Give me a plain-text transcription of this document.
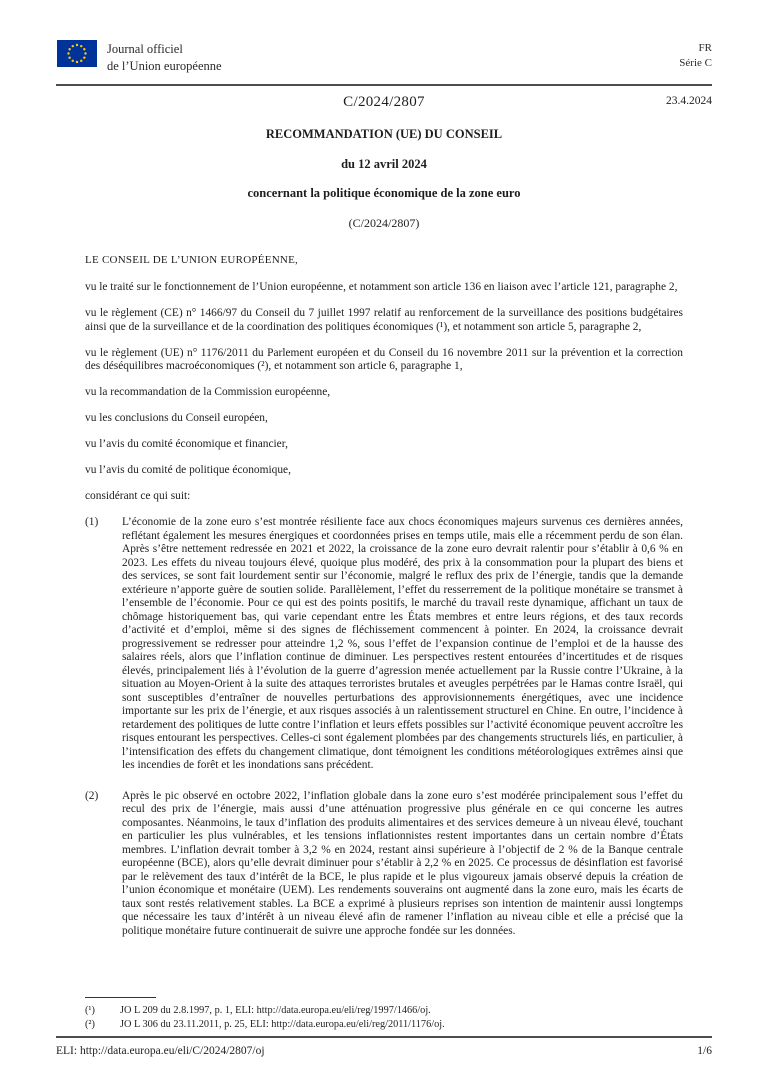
Journal officiel
de l’Union européenne
FR
Série C
C/2024/2807	23.4.2024

RECOMMANDATION (UE) DU CONSEIL

du 12 avril 2024

concernant la politique économique de la zone euro

(C/2024/2807)

LE CONSEIL DE L’UNION EUROPÉENNE,

vu le traité sur le fonctionnement de l’Union européenne, et notamment son article 136 en liaison avec l’article 121, paragraphe 2,

vu le règlement (CE) n° 1466/97 du Conseil du 7 juillet 1997 relatif au renforcement de la surveillance des positions budgétaires ainsi que de la surveillance et de la coordination des politiques économiques (¹), et notamment son article 5, paragraphe 2,

vu le règlement (UE) n° 1176/2011 du Parlement européen et du Conseil du 16 novembre 2011 sur la prévention et la correction des déséquilibres macroéconomiques (²), et notamment son article 6, paragraphe 1,

vu la recommandation de la Commission européenne,

vu les conclusions du Conseil européen,

vu l’avis du comité économique et financier,

vu l’avis du comité de politique économique,

considérant ce qui suit:

(1)	L’économie de la zone euro s’est montrée résiliente face aux chocs économiques majeurs survenus ces dernières années, reflétant également les mesures énergiques et coordonnées prises en temps utile, mais elle a récemment perdu de son élan. Après s’être nettement redressée en 2021 et 2022, la croissance de la zone euro devrait ralentir pour s’établir à 0,6 % en 2023. Les effets du niveau toujours élevé, quoique plus modéré, des prix à la consommation pour la plupart des biens et des services, se sont fait lourdement sentir sur l’économie, malgré le reflux des prix de l’énergie, tandis que la demande extérieure n’apporte guère de soutien solide. Parallèlement, l’effet du resserrement de la politique monétaire se transmet à l’ensemble de l’économie. Pour ce qui est des points positifs, le marché du travail reste dynamique, affichant un taux de chômage historiquement bas, qui varie cependant entre les États membres et entre leurs régions, et des taux records d’activité et d’emploi, même si des signes de fléchissement commencent à pointer. En 2024, la croissance devrait progressivement se redresser pour atteindre 1,2 %, sous l’effet de l’expansion continue de l’emploi et de la hausse des salaires réels, alors que l’inflation continue de diminuer. Les perspectives restent entourées d’incertitudes et de risques élevés, principalement liés à l’évolution de la guerre d’agression menée actuellement par la Russie contre l’Ukraine, à la situation au Moyen-Orient à la suite des attaques terroristes brutales et aveugles perpétrées par le Hamas contre Israël, qui sont susceptibles d’entraîner de nouvelles perturbations des approvisionnements énergétiques, avec une incidence importante sur les prix de l’énergie, et aux risques associés à un ralentissement structurel en Chine. En outre, l’incidence à retardement des politiques de lutte contre l’inflation et leurs effets possibles sur l’activité économique peuvent accroître les risques entourant les perspectives. Celles-ci sont également plombées par des changements structurels liés, en particulier, à l’intensification des effets du changement climatique, dont témoignent les conditions météorologiques extrêmes ainsi que les incendies de forêt et les inondations sans précédent.
(2)	Après le pic observé en octobre 2022, l’inflation globale dans la zone euro s’est modérée principalement sous l’effet du recul des prix de l’énergie, mais aussi d’une atténuation progressive plus générale en ce qui concerne les autres composantes. Néanmoins, le taux d’inflation des produits alimentaires et des services demeure à un niveau élevé, touchant en particulier les plus vulnérables, et les tensions inflationnistes restent importantes dans un certain nombre d’États membres. L’inflation devrait tomber à 3,2 % en 2024, restant ainsi supérieure à l’objectif de 2 % de la Banque centrale européenne (BCE), alors qu’elle devrait diminuer pour s’établir à 2,2 % en 2025. Ce processus de désinflation est favorisé par le relèvement des taux d’intérêt de la BCE, le plus rapide et le plus vigoureux jamais observé depuis la création de l’union économique et monétaire (UEM). Les rendements souverains ont augmenté dans la zone euro, mais les écarts de taux sont restés relativement stables. La BCE a exprimé à plusieurs reprises son intention de maintenir aussi longtemps que nécessaire les taux d’intérêt à un niveau élevé afin de ramener l’inflation au niveau cible et elle a précisé que la politique monétaire future continuerait de suivre une approche fondée sur les données.
(¹)	JO L 209 du 2.8.1997, p. 1, ELI: http://data.europa.eu/eli/reg/1997/1466/oj.
(²)	JO L 306 du 23.11.2011, p. 25, ELI: http://data.europa.eu/eli/reg/2011/1176/oj.
ELI: http://data.europa.eu/eli/C/2024/2807/oj	1/6
